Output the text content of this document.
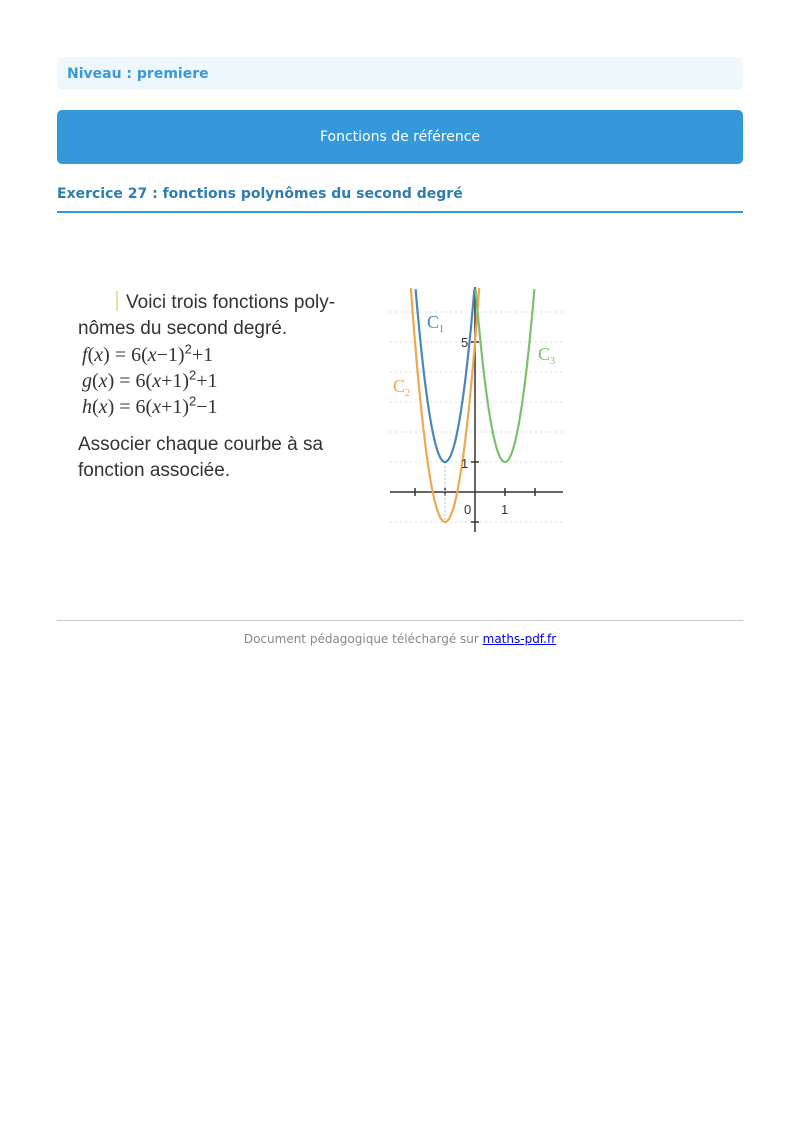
Niveau : premiere
Fonctions de référence
Exercice 27 : fonctions polynômes du second degré
Voici trois fonctions poly-
nômes du second degré.
$f(x) = 6(x-1)^2+1$
$g(x) = 6(x+1)^2+1$
$h(x) = 6(x+1)^2-1$
Associer chaque courbe à sa
fonction associée.
0 1
1
5
$C_1$
$C_2$
$C_3$
Document pédagogique téléchargé sur maths-pdf.fr
